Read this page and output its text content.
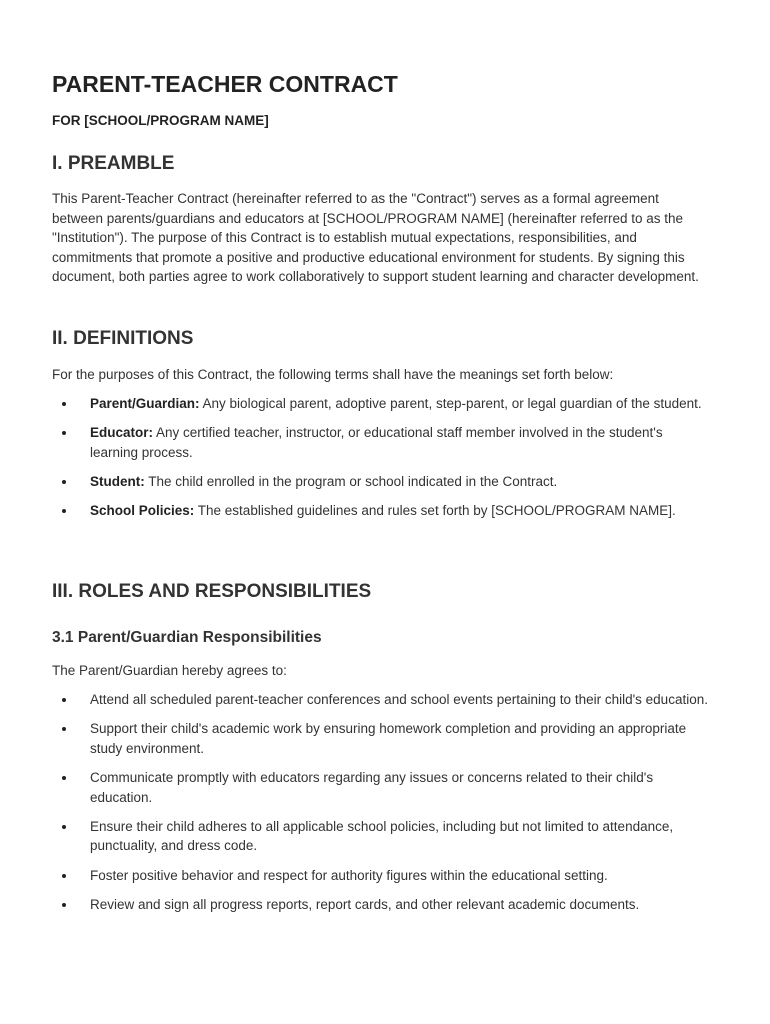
PARENT-TEACHER CONTRACT

FOR [SCHOOL/PROGRAM NAME]

I. PREAMBLE

This Parent-Teacher Contract (hereinafter referred to as the "Contract") serves as a formal agreement between parents/guardians and educators at [SCHOOL/PROGRAM NAME] (hereinafter referred to as the "Institution"). The purpose of this Contract is to establish mutual expectations, responsibilities, and commitments that promote a positive and productive educational environment for students. By signing this document, both parties agree to work collaboratively to support student learning and character development.

II. DEFINITIONS

For the purposes of this Contract, the following terms shall have the meanings set forth below:

Parent/Guardian: Any biological parent, adoptive parent, step-parent, or legal guardian of the student.
Educator: Any certified teacher, instructor, or educational staff member involved in the student's learning process.
Student: The child enrolled in the program or school indicated in the Contract.
School Policies: The established guidelines and rules set forth by [SCHOOL/PROGRAM NAME].
III. ROLES AND RESPONSIBILITIES
3.1 Parent/Guardian Responsibilities

The Parent/Guardian hereby agrees to:

Attend all scheduled parent-teacher conferences and school events pertaining to their child's education.
Support their child's academic work by ensuring homework completion and providing an appropriate study environment.
Communicate promptly with educators regarding any issues or concerns related to their child's education.
Ensure their child adheres to all applicable school policies, including but not limited to attendance, punctuality, and dress code.
Foster positive behavior and respect for authority figures within the educational setting.
Review and sign all progress reports, report cards, and other relevant academic documents.
